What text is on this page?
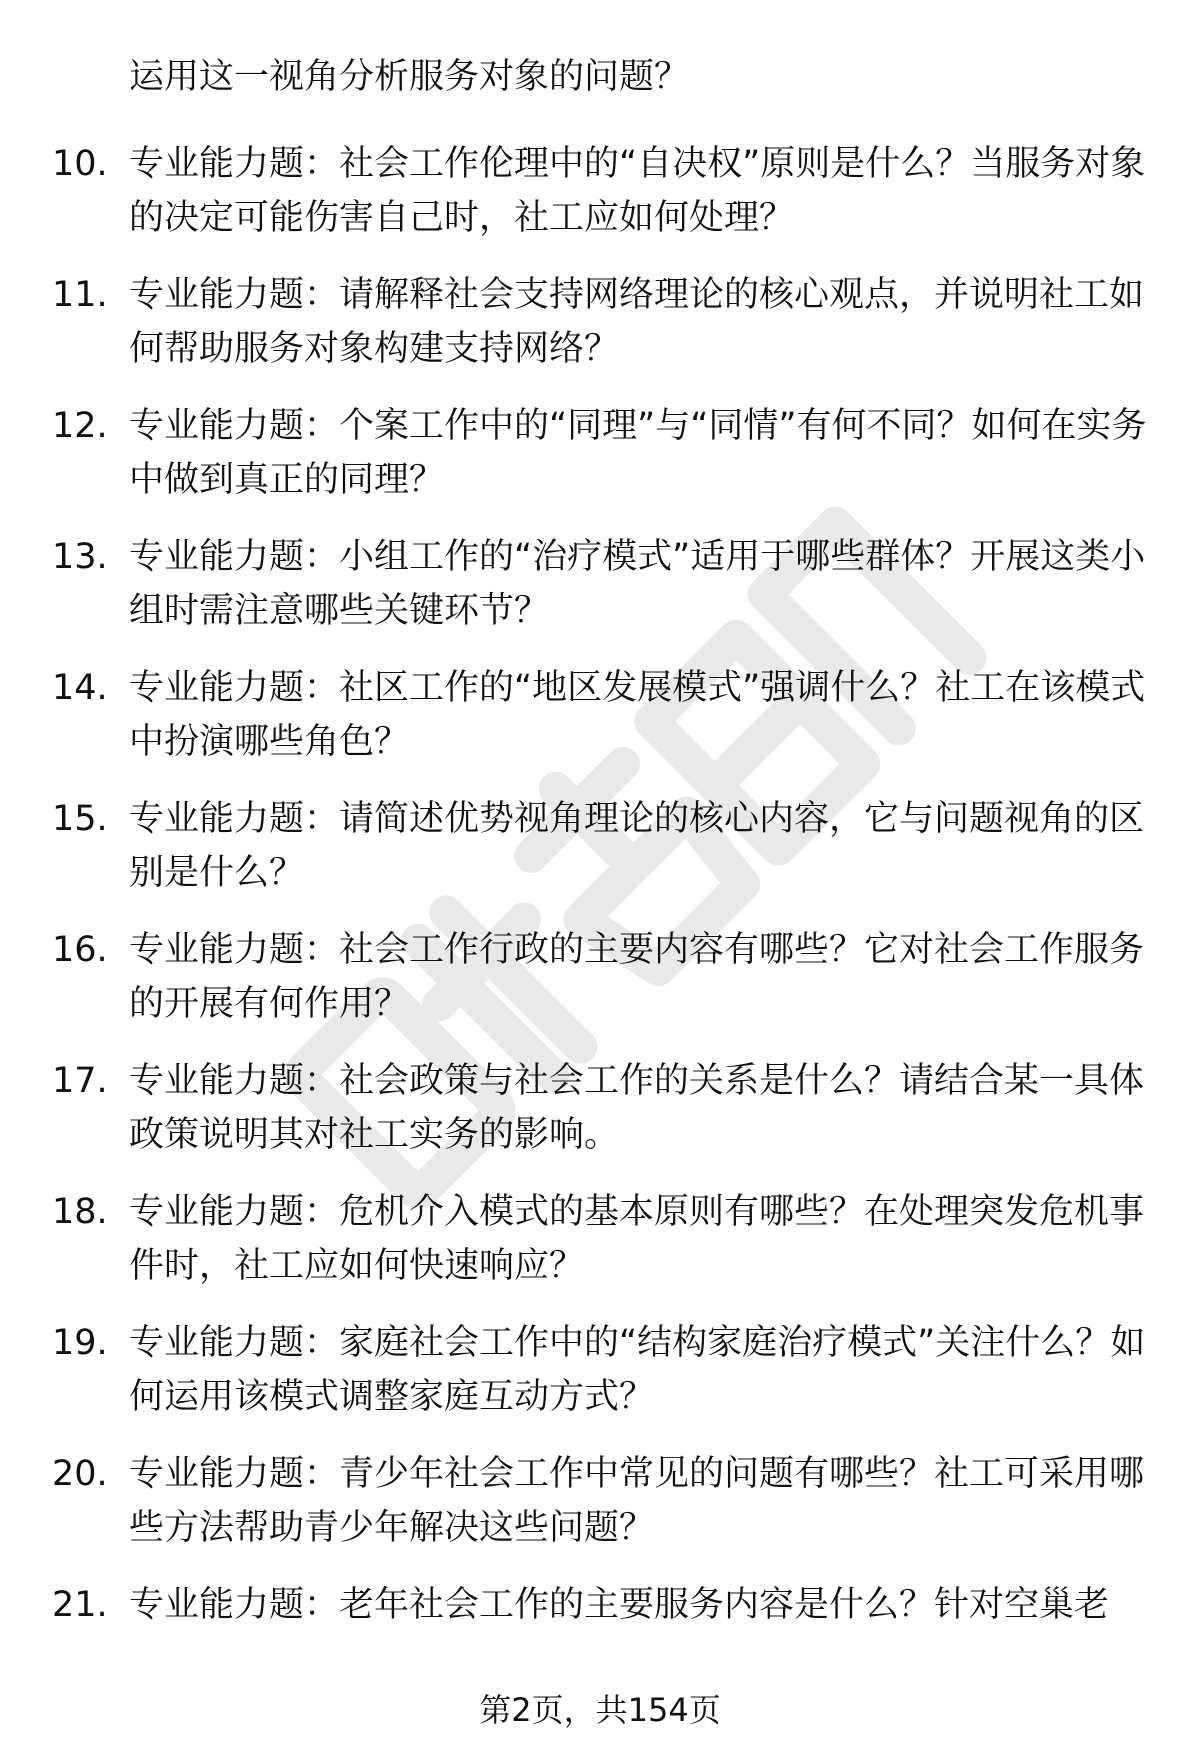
运用这一视角分析服务对象的问题？
10. 专业能力题：社会工作伦理中的“自决权”原则是什么？当服务对象的决定可能伤害自己时，社工应如何处理？
11. 专业能力题：请解释社会支持网络理论的核心观点，并说明社工如何帮助服务对象构建支持网络？
12. 专业能力题：个案工作中的“同理”与“同情”有何不同？如何在实务中做到真正的同理？
13. 专业能力题：小组工作的“治疗模式”适用于哪些群体？开展这类小组时需注意哪些关键环节？
14. 专业能力题：社区工作的“地区发展模式”强调什么？社工在该模式中扮演哪些角色？
15. 专业能力题：请简述优势视角理论的核心内容，它与问题视角的区别是什么？
16. 专业能力题：社会工作行政的主要内容有哪些？它对社会工作服务的开展有何作用？
17. 专业能力题：社会政策与社会工作的关系是什么？请结合某一具体政策说明其对社工实务的影响。
18. 专业能力题：危机介入模式的基本原则有哪些？在处理突发危机事件时，社工应如何快速响应？
19. 专业能力题：家庭社会工作中的“结构家庭治疗模式”关注什么？如何运用该模式调整家庭互动方式？
20. 专业能力题：青少年社会工作中常见的问题有哪些？社工可采用哪些方法帮助青少年解决这些问题？
21. 专业能力题：老年社会工作的主要服务内容是什么？针对空巢老
第2页，共154页
